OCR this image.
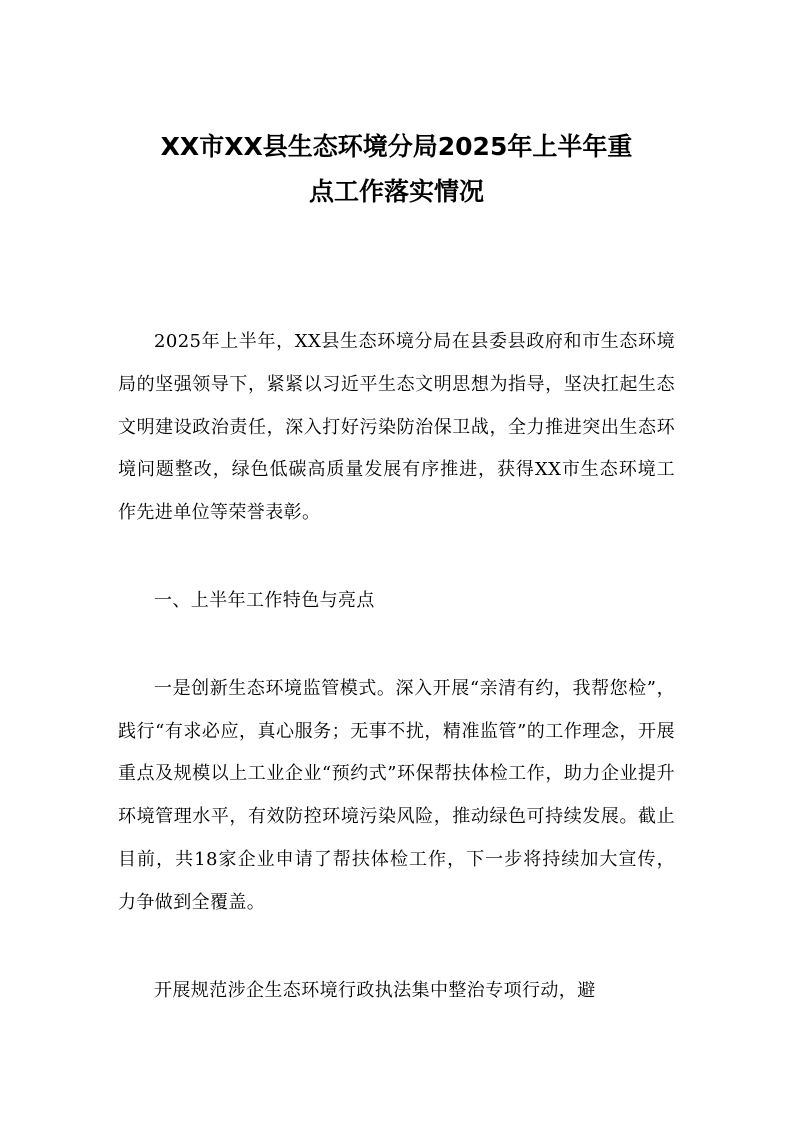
XX市XX县生态环境分局2025年上半年重
点工作落实情况

2025年上半年，XX县生态环境分局在县委县政府和市生态环境局的坚强领导下，紧紧以习近平生态文明思想为指导，坚决扛起生态文明建设政治责任，深入打好污染防治保卫战，全力推进突出生态环境问题整改，绿色低碳高质量发展有序推进，获得XX市生态环境工作先进单位等荣誉表彰。

一、上半年工作特色与亮点

一是创新生态环境监管模式。深入开展“亲清有约，我帮您检”，践行“有求必应，真心服务；无事不扰，精准监管”的工作理念，开展重点及规模以上工业企业“预约式”环保帮扶体检工作，助力企业提升环境管理水平，有效防控环境污染风险，推动绿色可持续发展。截止目前，共18家企业申请了帮扶体检工作，下一步将持续加大宣传，力争做到全覆盖。

开展规范涉企生态环境行政执法集中整治专项行动，避
